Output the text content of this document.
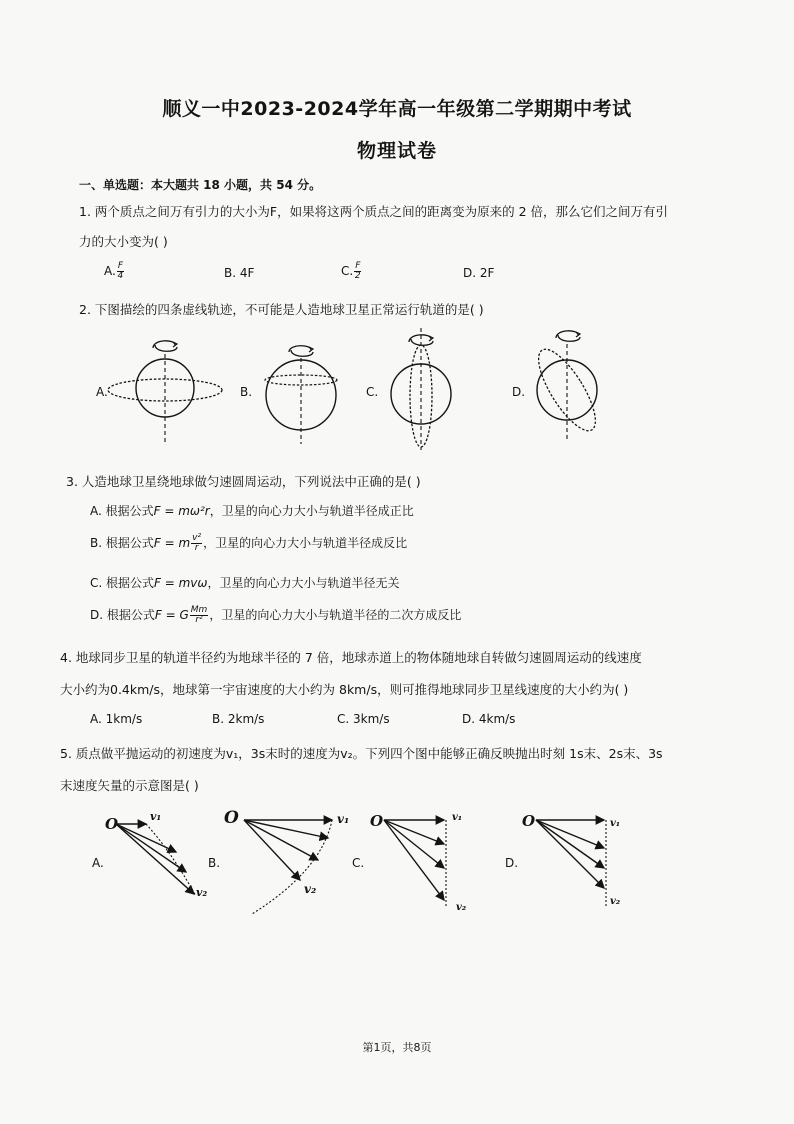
顺义一中2023-2024学年高一年级第二学期期中考试
物理试卷
一、单选题：本大题共 18 小题，共 54 分。
1. 两个质点之间万有引力的大小为F，如果将这两个质点之间的距离变为原来的 2 倍，那么它们之间万有引
力的大小变为( )
A. $\frac{F}{4}$	B. 4F	C. $\frac{F}{2}$	D. 2F
2. 下图描绘的四条虚线轨迹，不可能是人造地球卫星正常运行轨道的是( )
A.	B.	C.	D.
3. 人造地球卫星绕地球做匀速圆周运动，下列说法中正确的是( )
A. 根据公式F = mω²r，卫星的向心力大小与轨道半径成正比
B. 根据公式F = m $\frac{\text{v²}}{r}$ ，卫星的向心力大小与轨道半径成反比
C. 根据公式F = mvω，卫星的向心力大小与轨道半径无关
D. 根据公式F = G $\frac{Mm}{\text{r²}}$ ，卫星的向心力大小与轨道半径的二次方成反比
4. 地球同步卫星的轨道半径约为地球半径的 7 倍，地球赤道上的物体随地球自转做匀速圆周运动的线速度
大小约为0.4km/s，地球第一宇宙速度的大小约为 8km/s，则可推得地球同步卫星线速度的大小约为( )
A. 1km/s	B. 2km/s	C. 3km/s	D. 4km/s
5. 质点做平抛运动的初速度为v₁，3s末时的速度为v₂。下列四个图中能够正确反映抛出时刻 1s末、2s末、3s
末速度矢量的示意图是( )
O	v₁
v₂
A.
O	v₁
v₂
B.
O	v₁
v₂
C.
O	v₁
v₂
D.
第1页，共8页
